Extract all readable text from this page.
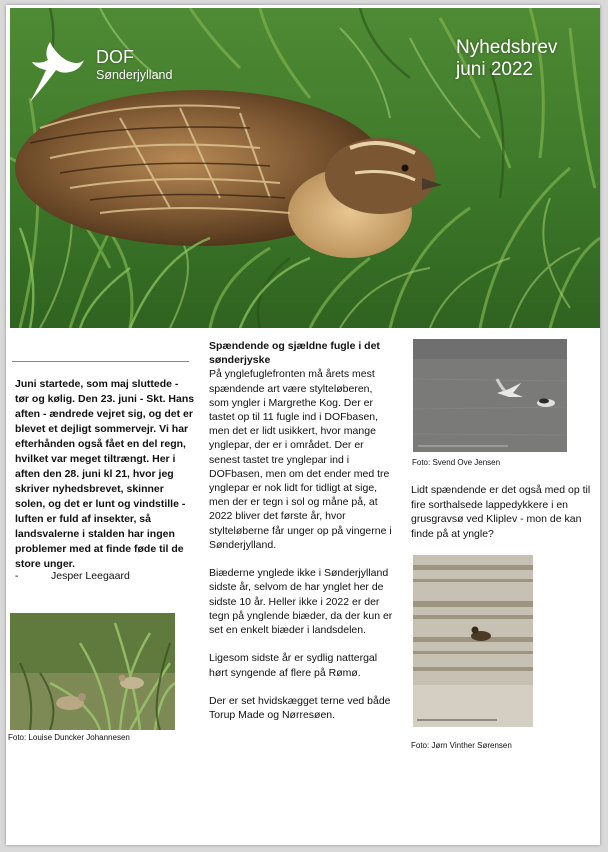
DOF
Sønderjylland
Nyhedsbrev
juni 2022
Juni startede, som maj sluttede - tør og kølig. Den 23. juni - Skt. Hans aften - ændrede vejret sig, og det er blevet et dejligt sommervejr. Vi har efterhånden også fået en del regn, hvilket var meget tiltrængt. Her i aften den 28. juni kl 21, hvor jeg skriver nyhedsbrevet, skinner solen, og det er lunt og vindstille - luften er fuld af insekter, så landsvalerne i stalden har ingen problemer med at finde føde til de store unger.
-	Jesper Leegaard
Foto: Louise Duncker Johannesen
Spændende og sjældne fugle i det sønderjyske

På ynglefuglefronten må årets mest spændende art være stylteløberen, som yngler i Margrethe Kog. Der er tastet op til 11 fugle ind i DOFbasen, men det er lidt usikkert, hvor mange ynglepar, der er i området. Der er senest tastet tre ynglepar ind i DOFbasen, men om det ender med tre ynglepar er nok lidt for tidligt at sige, men der er tegn i sol og måne på, at 2022 bliver det første år, hvor stylteløberne får unger op på vingerne i Sønderjylland.

Biæderne ynglede ikke i Sønderjylland sidste år, selvom de har ynglet her de sidste 10 år. Heller ikke i 2022 er der tegn på ynglende biæder, da der kun er set en enkelt biæder i landsdelen.

Ligesom sidste år er sydlig nattergal hørt syngende af flere på Rømø.

Der er set hvidskægget terne ved både Torup Made og Nørresøen.

Foto: Svend Ove Jensen
Lidt spændende er det også med op til fire sorthalsede lappedykkere i en grusgravsø ved Kliplev - mon de kan finde på at yngle?
Foto: Jørn Vinther Sørensen
